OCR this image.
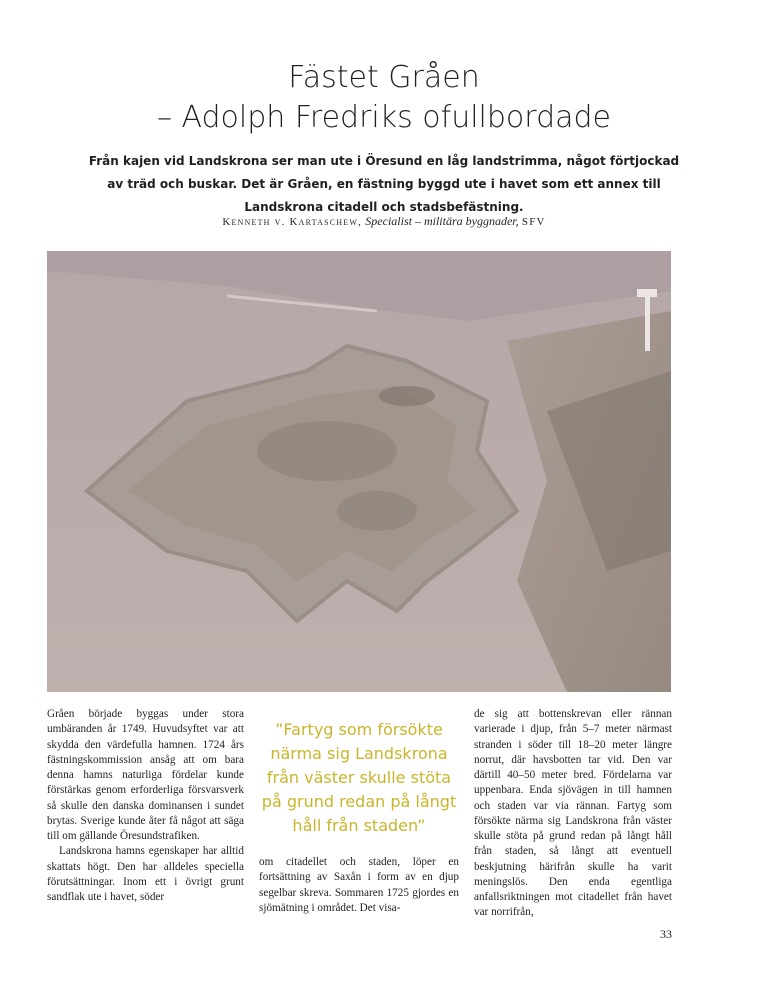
Fästet Gråen
– Adolph Fredriks ofullbordade
Från kajen vid Landskrona ser man ute i Öresund en låg landstrimma, något förtjockad av träd och buskar. Det är Gråen, en fästning byggd ute i havet som ett annex till Landskrona citadell och stadsbefästning.
Kenneth v. Kartaschew, Specialist – militära byggnader, SFV

Gråen började byggas under stora umbäranden år 1749. Huvudsyftet var att skydda den värdefulla hamnen. 1724 års fästningskommission ansåg att om bara denna hamns naturliga fördelar kunde förstärkas genom erforderliga försvarsverk så skulle den danska dominansen i sundet brytas. Sverige kunde åter få något att säga till om gällande Öresundstrafiken.

Landskrona hamns egenskaper har alltid skattats högt. Den har alldeles speciella förutsättningar. Inom ett i övrigt grunt sandflak ute i havet, söder

”Fartyg som försökte närma sig Landskrona från väster skulle stöta på grund redan på långt håll från staden”

om citadellet och staden, löper en fortsättning av Saxån i form av en djup segelbar skreva. Sommaren 1725 gjordes en sjömätning i området. Det visa-

de sig att bottenskrevan eller rännan varierade i djup, från 5–7 meter närmast stranden i söder till 18–20 meter längre norrut, där havsbotten tar vid. Den var därtill 40–50 meter bred. Fördelarna var uppenbara. Enda sjövägen in till hamnen och staden var via rännan. Fartyg som försökte närma sig Landskrona från väster skulle stöta på grund redan på långt håll från staden, så långt att eventuell beskjutning härifrån skulle ha varit meningslös. Den enda egentliga anfallsriktningen mot citadellet från havet var norrifrån,

33
